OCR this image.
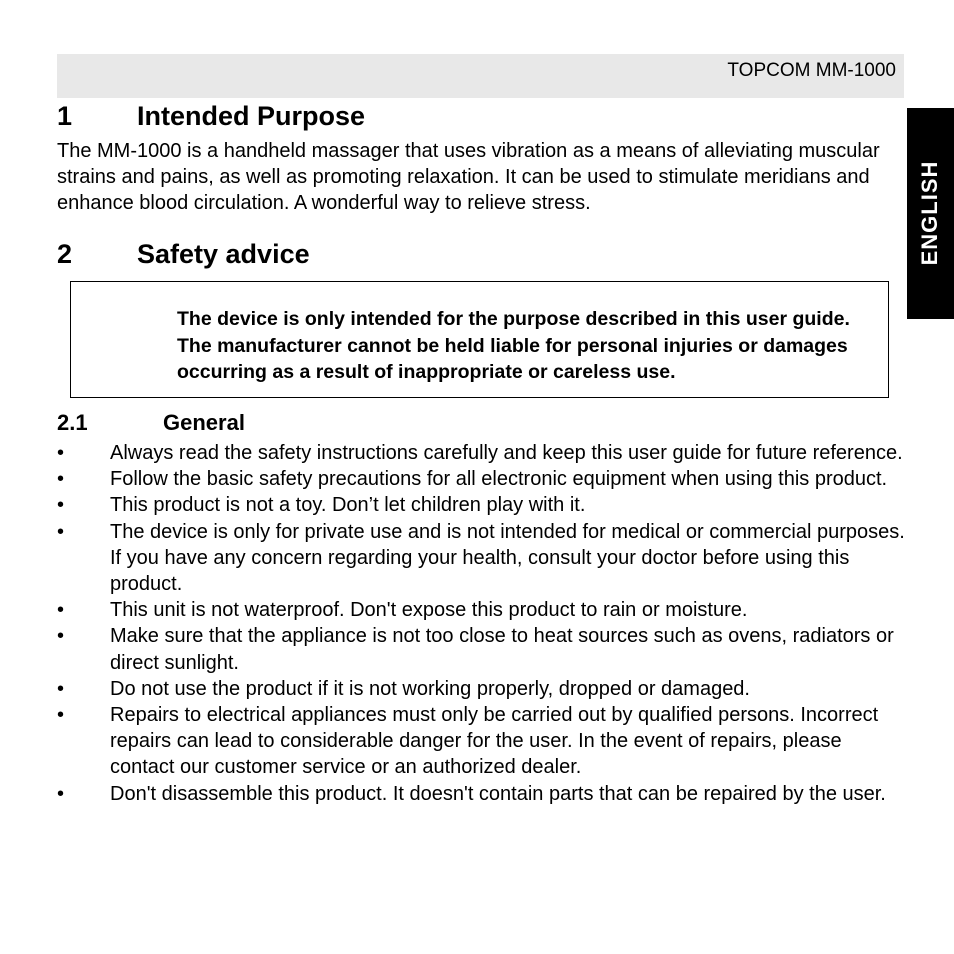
TOPCOM MM-1000
ENGLISH
1 Intended Purpose

The MM-1000 is a handheld massager that uses vibration as a means of alleviating muscular strains and pains, as well as promoting relaxation. It can be used to stimulate meridians and enhance blood circulation. A wonderful way to relieve stress.

2 Safety advice
The device is only intended for the purpose described in this user guide. The manufacturer cannot be held liable for personal injuries or damages occurring as a result of inappropriate or careless use.
2.1	General
• Always read the safety instructions carefully and keep this user guide for future reference.
• Follow the basic safety precautions for all electronic equipment when using this product.
• This product is not a toy. Don’t let children play with it.
• The device is only for private use and is not intended for medical or commercial purposes. If you have any concern regarding your health, consult your doctor before using this product.
• This unit is not waterproof. Don't expose this product to rain or moisture.
• Make sure that the appliance is not too close to heat sources such as ovens, radiators or direct sunlight.
• Do not use the product if it is not working properly, dropped or damaged.
• Repairs to electrical appliances must only be carried out by qualified persons. Incorrect repairs can lead to considerable danger for the user. In the event of repairs, please contact our customer service or an authorized dealer.
• Don't disassemble this product. It doesn't contain parts that can be repaired by the user.
